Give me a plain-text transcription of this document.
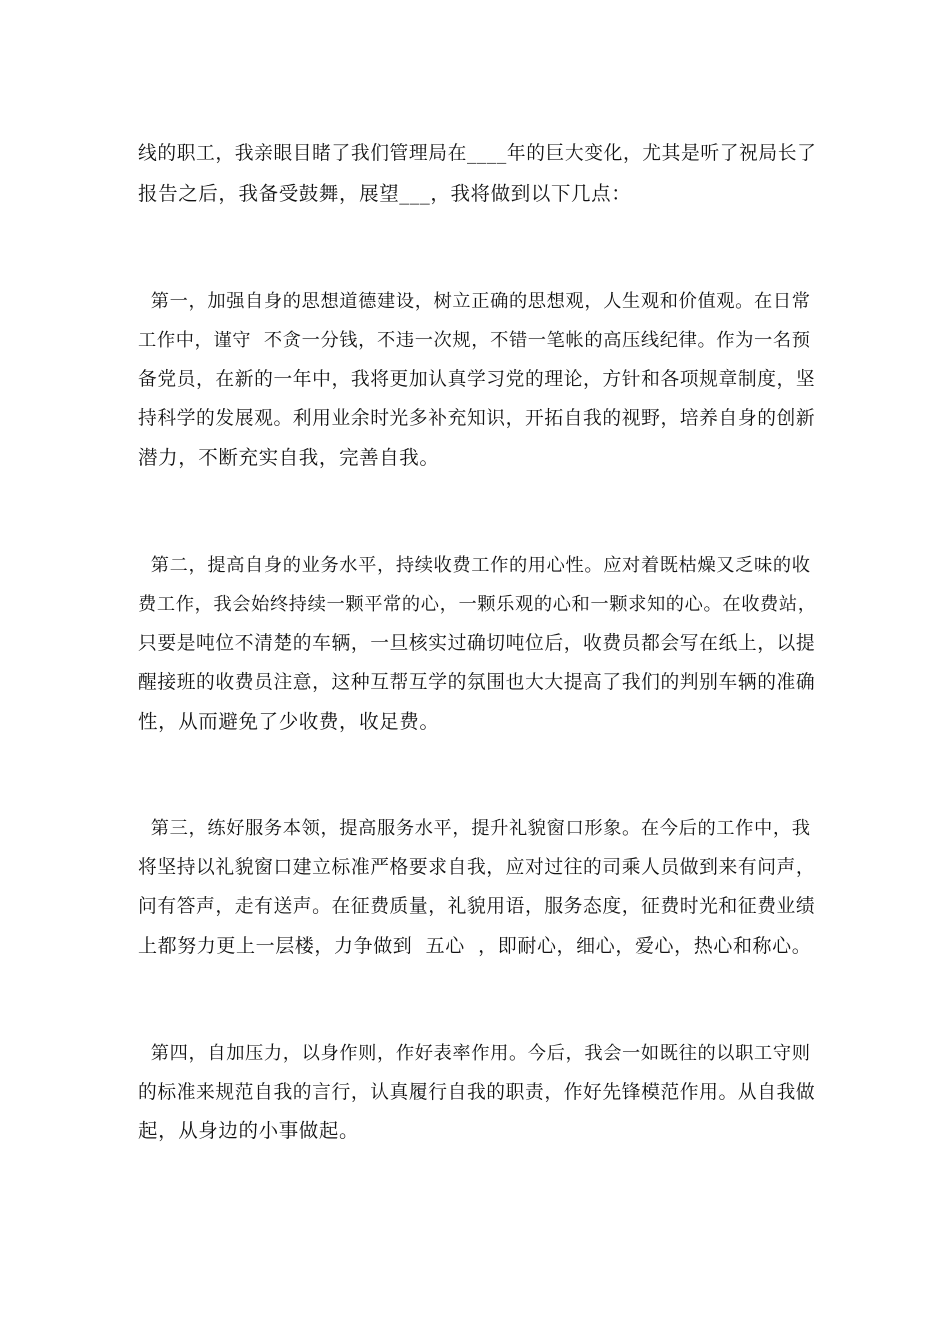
线的职工，我亲眼目睹了我们管理局在____年的巨大变化，尤其是听了祝局长了
报告之后，我备受鼓舞，展望___，我将做到以下几点：
第一，加强自身的思想道德建设，树立正确的思想观，人生观和价值观。在日常
工作中，谨守  不贪一分钱，不违一次规，不错一笔帐的高压线纪律。作为一名预
备党员，在新的一年中，我将更加认真学习党的理论，方针和各项规章制度，坚
持科学的发展观。利用业余时光多补充知识，开拓自我的视野，培养自身的创新
潜力，不断充实自我，完善自我。
第二，提高自身的业务水平，持续收费工作的用心性。应对着既枯燥又乏味的收
费工作，我会始终持续一颗平常的心，一颗乐观的心和一颗求知的心。在收费站，
只要是吨位不清楚的车辆，一旦核实过确切吨位后，收费员都会写在纸上，以提
醒接班的收费员注意，这种互帮互学的氛围也大大提高了我们的判别车辆的准确
性，从而避免了少收费，收足费。
第三，练好服务本领，提高服务水平，提升礼貌窗口形象。在今后的工作中，我
将坚持以礼貌窗口建立标准严格要求自我，应对过往的司乘人员做到来有问声，
问有答声，走有送声。在征费质量，礼貌用语，服务态度，征费时光和征费业绩
上都努力更上一层楼，力争做到  五心  ，即耐心，细心，爱心，热心和称心。
第四，自加压力，以身作则，作好表率作用。今后，我会一如既往的以职工守则
的标准来规范自我的言行，认真履行自我的职责，作好先锋模范作用。从自我做
起，从身边的小事做起。
